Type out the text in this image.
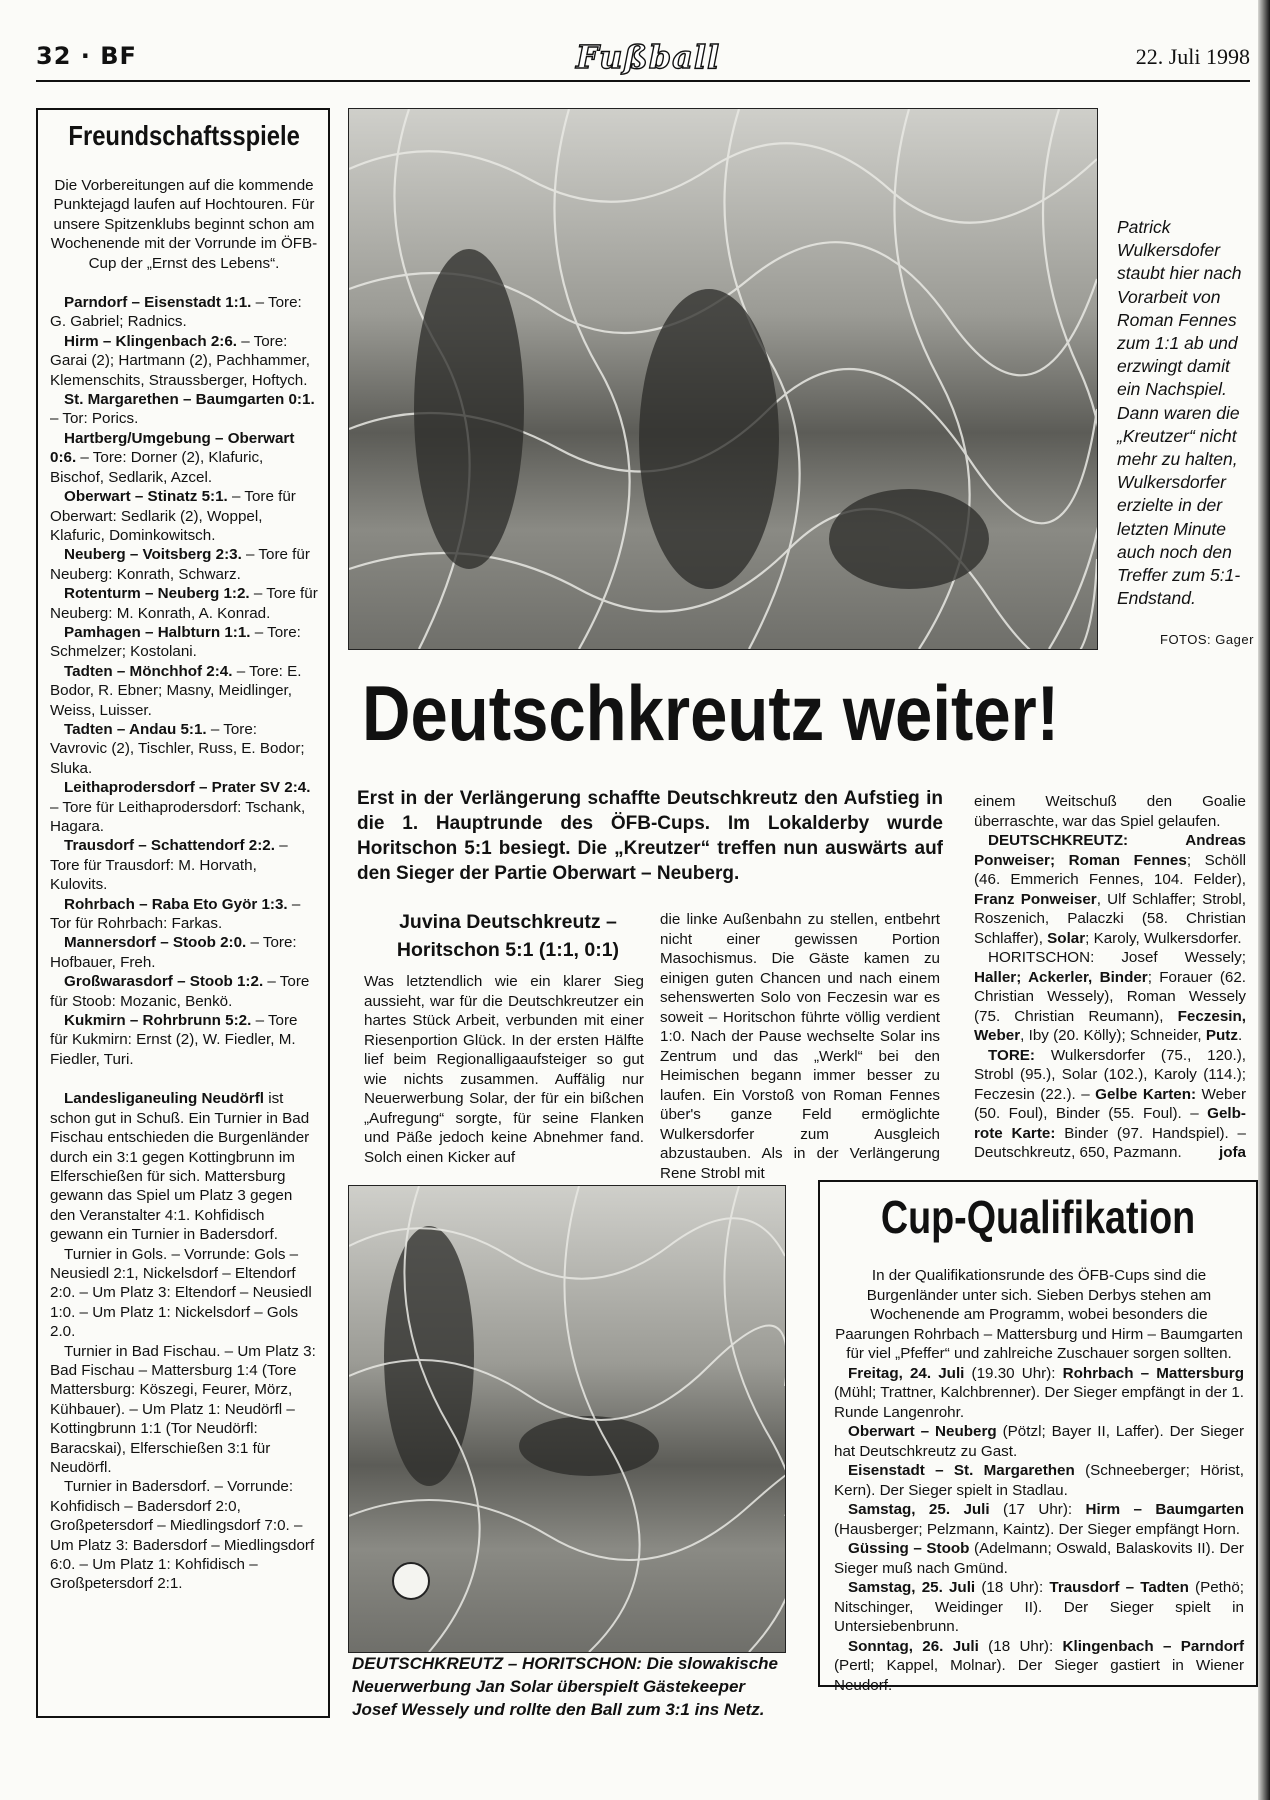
32 · BF	Fußball	22. Juli 1998
Freundschaftsspiele

Die Vorbereitungen auf die kommende Punktejagd laufen auf Hochtouren. Für unsere Spitzenklubs beginnt schon am Wochenende mit der Vorrunde im ÖFB-Cup der „Ernst des Lebens“.

Parndorf – Eisenstadt 1:1. – Tore: G. Gabriel; Radnics.

Hirm – Klingenbach 2:6. – Tore: Garai (2); Hartmann (2), Pachhammer, Klemenschits, Straussberger, Hoftych.

St. Margarethen – Baumgarten 0:1. – Tor: Porics.

Hartberg/Umgebung – Oberwart 0:6. – Tore: Dorner (2), Klafuric, Bischof, Sedlarik, Azcel.

Oberwart – Stinatz 5:1. – Tore für Oberwart: Sedlarik (2), Woppel, Klafuric, Dominkowitsch.

Neuberg – Voitsberg 2:3. – Tore für Neuberg: Konrath, Schwarz.

Rotenturm – Neuberg 1:2. – Tore für Neuberg: M. Konrath, A. Konrad.

Pamhagen – Halbturn 1:1. – Tore: Schmelzer; Kostolani.

Tadten – Mönchhof 2:4. – Tore: E. Bodor, R. Ebner; Masny, Meidlinger, Weiss, Luisser.

Tadten – Andau 5:1. – Tore: Vavrovic (2), Tischler, Russ, E. Bodor; Sluka.

Leithaprodersdorf – Prater SV 2:4. – Tore für Leithaprodersdorf: Tschank, Hagara.

Trausdorf – Schattendorf 2:2. – Tore für Trausdorf: M. Horvath, Kulovits.

Rohrbach – Raba Eto Györ 1:3. – Tor für Rohrbach: Farkas.

Mannersdorf – Stoob 2:0. – Tore: Hofbauer, Freh.

Großwarasdorf – Stoob 1:2. – Tore für Stoob: Mozanic, Benkö.

Kukmirn – Rohrbrunn 5:2. – Tore für Kukmirn: Ernst (2), W. Fiedler, M. Fiedler, Turi.

Landesliganeuling Neudörfl ist schon gut in Schuß. Ein Turnier in Bad Fischau entschieden die Burgenländer durch ein 3:1 gegen Kottingbrunn im Elferschießen für sich. Mattersburg gewann das Spiel um Platz 3 gegen den Veranstalter 4:1. Kohfidisch gewann ein Turnier in Badersdorf.

Turnier in Gols. – Vorrunde: Gols – Neusiedl 2:1, Nickelsdorf – Eltendorf 2:0. – Um Platz 3: Eltendorf – Neusiedl 1:0. – Um Platz 1: Nickelsdorf – Gols 2.0.

Turnier in Bad Fischau. – Um Platz 3: Bad Fischau – Mattersburg 1:4 (Tore Mattersburg: Köszegi, Feurer, Mörz, Kühbauer). – Um Platz 1: Neudörfl – Kottingbrunn 1:1 (Tor Neudörfl: Baracskai), Elferschießen 3:1 für Neudörfl.

Turnier in Badersdorf. – Vorrunde: Kohfidisch – Badersdorf 2:0, Großpetersdorf – Miedlingsdorf 7:0. – Um Platz 3: Badersdorf – Miedlingsdorf 6:0. – Um Platz 1: Kohfidisch – Großpetersdorf 2:1.

Patrick Wulkersdofer staubt hier nach Vorarbeit von Roman Fennes zum 1:1 ab und erzwingt damit ein Nachspiel. Dann waren die „Kreutzer“ nicht mehr zu halten, Wulkersdorfer erzielte in der letzten Minute auch noch den Treffer zum 5:1-Endstand.
FOTOS: Gager
Deutschkreutz weiter!
Erst in der Verlängerung schaffte Deutschkreutz den Aufstieg in die 1. Hauptrunde des ÖFB-Cups. Im Lokalderby wurde Horitschon 5:1 besiegt. Die „Kreutzer“ treffen nun auswärts auf den Sieger der Partie Oberwart – Neuberg.
Juvina Deutschkreutz – Horitschon 5:1 (1:1, 0:1)
Was letztendlich wie ein klarer Sieg aussieht, war für die Deutschkreutzer ein hartes Stück Arbeit, verbunden mit einer Riesenportion Glück. In der ersten Hälfte lief beim Regionalligaaufsteiger so gut wie nichts zusammen. Auffälig nur Neuerwerbung Solar, der für ein bißchen „Aufregung“ sorgte, für seine Flanken und Päße jedoch keine Abnehmer fand. Solch einen Kicker auf
die linke Außenbahn zu stellen, entbehrt nicht einer gewissen Portion Masochismus. Die Gäste kamen zu einigen guten Chancen und nach einem sehenswerten Solo von Feczesin war es soweit – Horitschon führte völlig verdient 1:0. Nach der Pause wechselte Solar ins Zentrum und das „Werkl“ bei den Heimischen begann immer besser zu laufen. Ein Vorstoß von Roman Fennes über's ganze Feld ermöglichte Wulkersdorfer zum Ausgleich abzustauben. Als in der Verlängerung Rene Strobl mit

einem Weitschuß den Goalie überraschte, war das Spiel gelaufen.

DEUTSCHKREUTZ: Andreas Ponweiser; Roman Fennes; Schöll (46. Emmerich Fennes, 104. Felder), Franz Ponweiser, Ulf Schlaffer; Strobl, Roszenich, Palaczki (58. Christian Schlaffer), Solar; Karoly, Wulkersdorfer.

HORITSCHON: Josef Wessely; Haller; Ackerler, Binder; Forauer (62. Christian Wessely), Roman Wessely (75. Christian Reumann), Feczesin, Weber, Iby (20. Kölly); Schneider, Putz.

TORE: Wulkersdorfer (75., 120.), Strobl (95.), Solar (102.), Karoly (114.); Feczesin (22.). – Gelbe Karten: Weber (50. Foul), Binder (55. Foul). – Gelb-rote Karte: Binder (97. Handspiel). – Deutschkreutz, 650, Pazmann.	jofa

DEUTSCHKREUTZ – HORITSCHON: Die slowakische Neuerwerbung Jan Solar überspielt Gästekeeper Josef Wessely und rollte den Ball zum 3:1 ins Netz.
Cup-Qualifikation

In der Qualifikationsrunde des ÖFB-Cups sind die Burgenländer unter sich. Sieben Derbys stehen am Wochenende am Programm, wobei besonders die Paarungen Rohrbach – Mattersburg und Hirm – Baumgarten für viel „Pfeffer“ und zahlreiche Zuschauer sorgen sollten.

Freitag, 24. Juli (19.30 Uhr): Rohrbach – Mattersburg (Mühl; Trattner, Kalchbrenner). Der Sieger empfängt in der 1. Runde Langenrohr.

Oberwart – Neuberg (Pötzl; Bayer II, Laffer). Der Sieger hat Deutschkreutz zu Gast.

Eisenstadt – St. Margarethen (Schneeberger; Hörist, Kern). Der Sieger spielt in Stadlau.

Samstag, 25. Juli (17 Uhr): Hirm – Baumgarten (Hausberger; Pelzmann, Kaintz). Der Sieger empfängt Horn.

Güssing – Stoob (Adelmann; Oswald, Balaskovits II). Der Sieger muß nach Gmünd.

Samstag, 25. Juli (18 Uhr): Trausdorf – Tadten (Pethö; Nitschinger, Weidinger II). Der Sieger spielt in Untersiebenbrunn.

Sonntag, 26. Juli (18 Uhr): Klingenbach – Parndorf (Pertl; Kappel, Molnar). Der Sieger gastiert in Wiener Neudorf.
